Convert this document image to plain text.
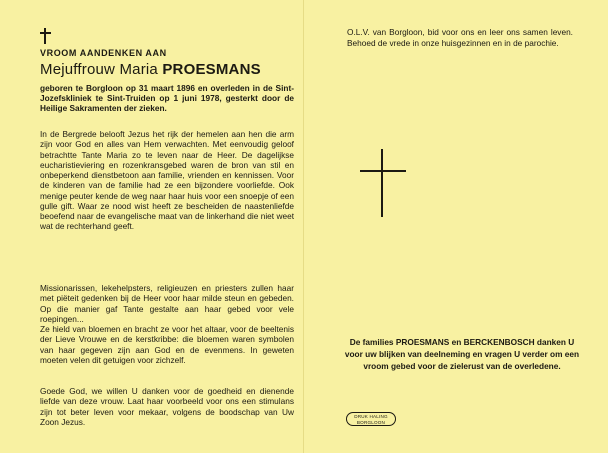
VROOM AANDENKEN AAN
Mejuffrouw Maria PROESMANS

geboren te Borgloon op 31 maart 1896 en overleden in de Sint-Jozefskliniek te Sint-Truiden op 1 juni 1978, gesterkt door de Heilige Sakramenten der zieken.

In de Bergrede belooft Jezus het rijk der hemelen aan hen die arm zijn voor God en alles van Hem verwachten. Met eenvoudig geloof betrachtte Tante Maria zo te leven naar de Heer. De dagelijkse eucharistieviering en rozenkransgebed waren de bron van stil en onbeperkend dienstbetoon aan familie, vrienden en kennissen. Voor de kinderen van de familie had ze een bijzondere voorliefde. Ook menige peuter kende de weg naar haar huis voor een snoepje of een gulle gift. Waar ze nood wist heeft ze bescheiden de naastenliefde beoefend naar de evangelische maat van de linkerhand die niet weet wat de rechterhand geeft.

Missionarissen, lekehelpsters, religieuzen en priesters zullen haar met piëteit gedenken bij de Heer voor haar milde steun en gebeden. Op die manier gaf Tante gestalte aan haar gebed voor vele roepingen...

Ze hield van bloemen en bracht ze voor het altaar, voor de beeltenis der Lieve Vrouwe en de kerstkribbe: die bloemen waren symbolen van haar gegeven zijn aan God en de evenmens. In geweten moeten velen dit getuigen voor zichzelf.

Goede God, we willen U danken voor de goedheid en dienende liefde van deze vrouw. Laat haar voorbeeld voor ons een stimulans zijn tot beter leven voor mekaar, volgens de boodschap van Uw Zoon Jezus.

O.L.V. van Borgloon, bid voor ons en leer ons samen leven. Behoed de vrede in onze huisgezinnen en in de parochie.

De families PROESMANS en BERCKENBOSCH danken U voor uw blijken van deelneming en vragen U verder om een vroom gebed voor de zielerust van de overledene.

DRUK HALING
BORGLOON
